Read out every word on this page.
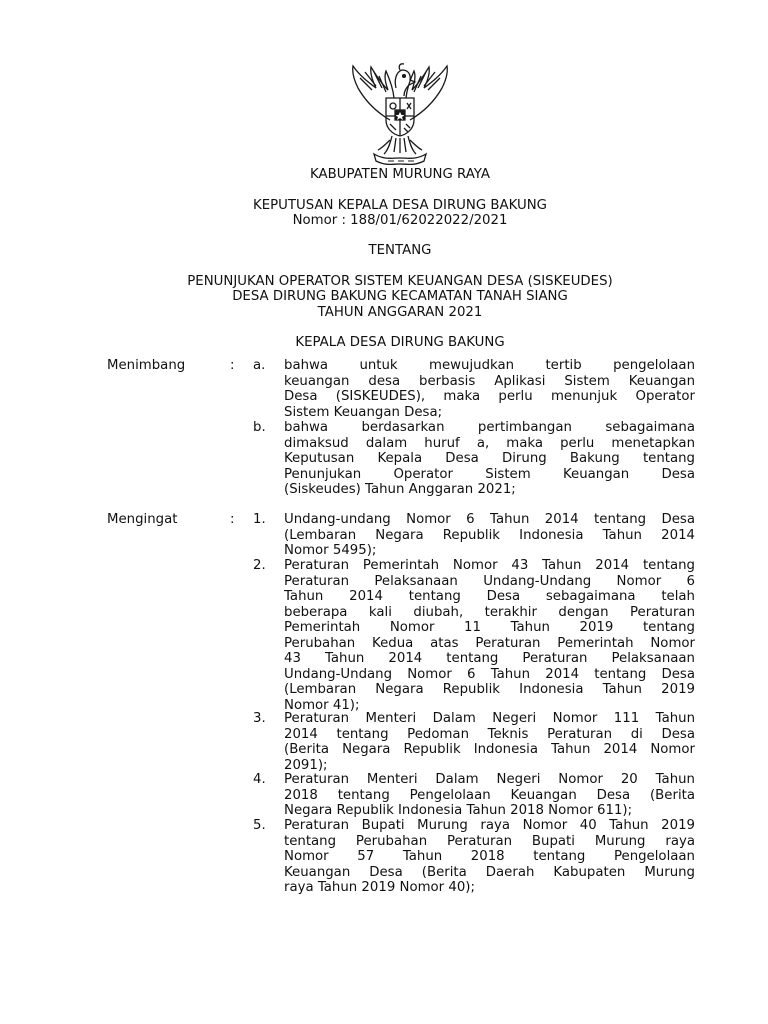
KABUPATEN MURUNG RAYA
KEPUTUSAN KEPALA DESA DIRUNG BAKUNG
Nomor : 188/01/62022022/2021
TENTANG
PENUNJUKAN OPERATOR SISTEM KEUANGAN DESA (SISKEUDES)
DESA DIRUNG BAKUNG KECAMATAN TANAH SIANG
TAHUN ANGGARAN 2021
KEPALA DESA DIRUNG BAKUNG
Menimbang	: a. bahwa untuk mewujudkan tertib pengelolaan
keuangan desa berbasis Aplikasi Sistem Keuangan
Desa (SISKEUDES), maka perlu menunjuk Operator
Sistem Keuangan Desa;
b. bahwa berdasarkan pertimbangan sebagaimana
dimaksud dalam huruf a, maka perlu menetapkan
Keputusan Kepala Desa Dirung Bakung tentang
Penunjukan Operator Sistem Keuangan Desa
(Siskeudes) Tahun Anggaran 2021;
Mengingat	: 1. Undang-undang Nomor 6 Tahun 2014 tentang Desa
(Lembaran Negara Republik Indonesia Tahun 2014
Nomor 5495);
2. Peraturan Pemerintah Nomor 43 Tahun 2014 tentang
Peraturan Pelaksanaan Undang-Undang Nomor 6
Tahun 2014 tentang Desa sebagaimana telah
beberapa kali diubah, terakhir dengan Peraturan
Pemerintah Nomor 11 Tahun 2019 tentang
Perubahan Kedua atas Peraturan Pemerintah Nomor
43 Tahun 2014 tentang Peraturan Pelaksanaan
Undang-Undang Nomor 6 Tahun 2014 tentang Desa
(Lembaran Negara Republik Indonesia Tahun 2019
Nomor 41);
3. Peraturan Menteri Dalam Negeri Nomor 111 Tahun
2014 tentang Pedoman Teknis Peraturan di Desa
(Berita Negara Republik Indonesia Tahun 2014 Nomor
2091);
4. Peraturan Menteri Dalam Negeri Nomor 20 Tahun
2018 tentang Pengelolaan Keuangan Desa (Berita
Negara Republik Indonesia Tahun 2018 Nomor 611);
5. Peraturan Bupati Murung raya Nomor 40 Tahun 2019
tentang Perubahan Peraturan Bupati Murung raya
Nomor 57 Tahun 2018 tentang Pengelolaan
Keuangan Desa (Berita Daerah Kabupaten Murung
raya Tahun 2019 Nomor 40);
